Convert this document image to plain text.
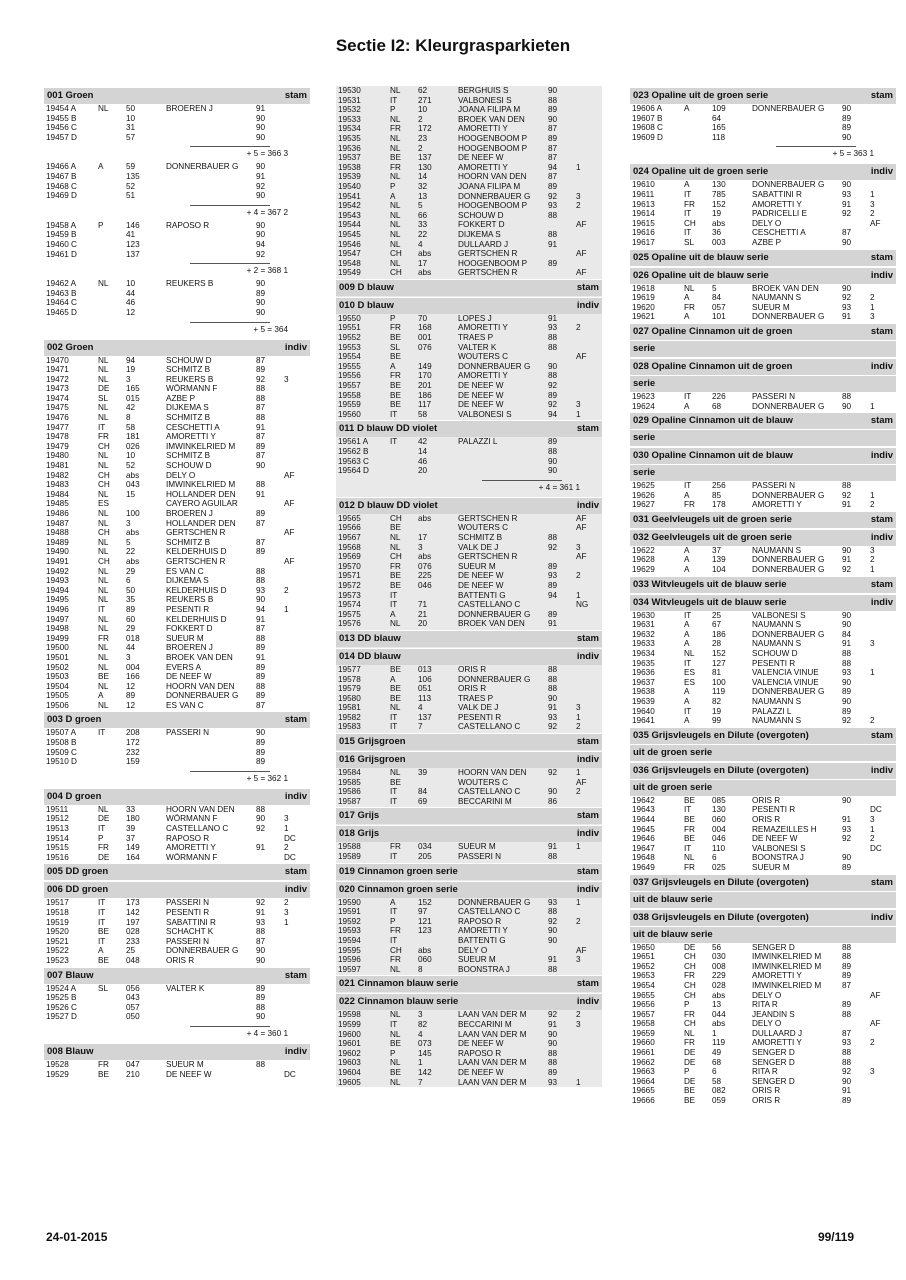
Sectie I2: Kleurgrasparkieten
001 Groen	stam
19454 A	NL	50	BROEREN J	91
19455 B	10	90
19456 C	31	90
19457 D	57	90
+ 5 = 366 3
19466 A	A	59	DONNERBAUER G	90
19467 B	135	91
19468 C	52	92
19469 D	51	90
+ 4 = 367 2
19458 A	P	146	RAPOSO R	90
19459 B	41	90
19460 C	123	94
19461 D	137	92
+ 2 = 368 1
19462 A	NL	10	REUKERS B	90
19463 B	44	89
19464 C	46	90
19465 D	12	90
+ 5 = 364
002 Groen	indiv
19470	NL	94	SCHOUW D	87
19471	NL	19	SCHMITZ B	89
19472	NL	3	REUKERS B	92	3
19473	DE	165	WÖRMANN F	88
19474	SL	015	AZBE P	88
19475	NL	42	DIJKEMA S	87
19476	NL	8	SCHMITZ B	88
19477	IT	58	CESCHETTI A	91
19478	FR	181	AMORETTI Y	87
19479	CH	026	IMWINKELRIED M	89
19480	NL	10	SCHMITZ B	87
19481	NL	52	SCHOUW D	90
19482	CH	abs	DELY O	AF
19483	CH	043	IMWINKELRIED M	88
19484	NL	15	HOLLANDER DEN	91
19485	ES	CAYERO AGUILAR	AF
19486	NL	100	BROEREN J	89
19487	NL	3	HOLLANDER DEN	87
19488	CH	abs	GERTSCHEN R	AF
19489	NL	5	SCHMITZ B	87
19490	NL	22	KELDERHUIS D	89
19491	CH	abs	GERTSCHEN R	AF
19492	NL	29	ES VAN C	88
19493	NL	6	DIJKEMA S	88
19494	NL	50	KELDERHUIS D	93	2
19495	NL	35	REUKERS B	90
19496	IT	89	PESENTI R	94	1
19497	NL	60	KELDERHUIS D	91
19498	NL	29	FOKKERT D	87
19499	FR	018	SUEUR M	88
19500	NL	44	BROEREN J	89
19501	NL	3	BROEK VAN DEN	91
19502	NL	004	EVERS A	89
19503	BE	166	DE NEEF W	89
19504	NL	12	HOORN VAN DEN	88
19505	A	89	DONNERBAUER G	89
19506	NL	12	ES VAN C	87
003 D groen	stam
19507 A	IT	208	PASSERI N	90
19508 B	172	89
19509 C	232	89
19510 D	159	89
+ 5 = 362 1
004 D groen	indiv
19511	NL	33	HOORN VAN DEN	88
19512	DE	180	WÖRMANN F	90	3
19513	IT	39	CASTELLANO C	92	1
19514	P	37	RAPOSO R	DC
19515	FR	149	AMORETTI Y	91	2
19516	DE	164	WÖRMANN F	DC
005 DD groen	stam
006 DD groen	indiv
19517	IT	173	PASSERI N	92	2
19518	IT	142	PESENTI R	91	3
19519	IT	197	SABATTINI R	93	1
19520	BE	028	SCHACHT K	88
19521	IT	233	PASSERI N	87
19522	A	25	DONNERBAUER G	90
19523	BE	048	ORIS R	90
007 Blauw	stam
19524 A	SL	056	VALTER K	89
19525 B	043	89
19526 C	057	88
19527 D	050	90
+ 4 = 360 1
008 Blauw	indiv
19528	FR	047	SUEUR M	88
19529	BE	210	DE NEEF W	DC
19530	NL	62	BERGHUIS S	90
19531	IT	271	VALBONESI S	88
19532	P	10	JOANA FILIPA M	89
19533	NL	2	BROEK VAN DEN	90
19534	FR	172	AMORETTI Y	87
19535	NL	23	HOOGENBOOM P	89
19536	NL	2	HOOGENBOOM P	87
19537	BE	137	DE NEEF W	87
19538	FR	130	AMORETTI Y	94	1
19539	NL	14	HOORN VAN DEN	87
19540	P	32	JOANA FILIPA M	89
19541	A	13	DONNERBAUER G	92	3
19542	NL	5	HOOGENBOOM P	93	2
19543	NL	66	SCHOUW D	88
19544	NL	33	FOKKERT D	AF
19545	NL	22	DIJKEMA S	88
19546	NL	4	DULLAARD J	91
19547	CH	abs	GERTSCHEN R	AF
19548	NL	17	HOOGENBOOM P	89
19549	CH	abs	GERTSCHEN R	AF
009 D blauw	stam
010 D blauw	indiv
19550	P	70	LOPES J	91
19551	FR	168	AMORETTI Y	93	2
19552	BE	001	TRAES P	88
19553	SL	076	VALTER K	88
19554	BE	WOUTERS C	AF
19555	A	149	DONNERBAUER G	90
19556	FR	170	AMORETTI Y	88
19557	BE	201	DE NEEF W	92
19558	BE	186	DE NEEF W	89
19559	BE	117	DE NEEF W	92	3
19560	IT	58	VALBONESI S	94	1
011 D blauw DD violet	stam
19561 A	IT	42	PALAZZI L	89
19562 B	14	88
19563 C	46	90
19564 D	20	90
+ 4 = 361 1
012 D blauw DD violet	indiv
19565	CH	abs	GERTSCHEN R	AF
19566	BE	WOUTERS C	AF
19567	NL	17	SCHMITZ B	88
19568	NL	3	VALK DE J	92	3
19569	CH	abs	GERTSCHEN R	AF
19570	FR	076	SUEUR M	89
19571	BE	225	DE NEEF W	93	2
19572	BE	046	DE NEEF W	89
19573	IT	BATTENTI G	94	1
19574	IT	71	CASTELLANO C	NG
19575	A	21	DONNERBAUER G	89
19576	NL	20	BROEK VAN DEN	91
013 DD blauw	stam
014 DD blauw	indiv
19577	BE	013	ORIS R	88
19578	A	106	DONNERBAUER G	88
19579	BE	051	ORIS R	88
19580	BE	113	TRAES P	90
19581	NL	4	VALK DE J	91	3
19582	IT	137	PESENTI R	93	1
19583	IT	7	CASTELLANO C	92	2
015 Grijsgroen	stam
016 Grijsgroen	indiv
19584	NL	39	HOORN VAN DEN	92	1
19585	BE	WOUTERS C	AF
19586	IT	84	CASTELLANO C	90	2
19587	IT	69	BECCARINI M	86
017 Grijs	stam
018 Grijs	indiv
19588	FR	034	SUEUR M	91	1
19589	IT	205	PASSERI N	88
019 Cinnamon groen serie	stam
020 Cinnamon groen serie	indiv
19590	A	152	DONNERBAUER G	93	1
19591	IT	97	CASTELLANO C	88
19592	P	121	RAPOSO R	92	2
19593	FR	123	AMORETTI Y	90
19594	IT	BATTENTI G	90
19595	CH	abs	DELY O	AF
19596	FR	060	SUEUR M	91	3
19597	NL	8	BOONSTRA J	88
021 Cinnamon blauw serie	stam
022 Cinnamon blauw serie	indiv
19598	NL	3	LAAN VAN DER M	92	2
19599	IT	82	BECCARINI M	91	3
19600	NL	4	LAAN VAN DER M	90
19601	BE	073	DE NEEF W	90
19602	P	145	RAPOSO R	88
19603	NL	1	LAAN VAN DER M	88
19604	BE	142	DE NEEF W	89
19605	NL	7	LAAN VAN DER M	93	1
023 Opaline uit de groen serie	stam
19606 A	A	109	DONNERBAUER G	90
19607 B	64	89
19608 C	165	89
19609 D	118	90
+ 5 = 363 1
024 Opaline uit de groen serie	indiv
19610	A	130	DONNERBAUER G	90
19611	IT	785	SABATTINI R	93	1
19613	FR	152	AMORETTI Y	91	3
19614	IT	19	PADRICELLI E	92	2
19615	CH	abs	DELY O	AF
19616	IT	36	CESCHETTI A	87
19617	SL	003	AZBE P	90
025 Opaline uit de blauw serie	stam
026 Opaline uit de blauw serie	indiv
19618	NL	5	BROEK VAN DEN	90
19619	A	84	NAUMANN S	92	2
19620	FR	057	SUEUR M	93	1
19621	A	101	DONNERBAUER G	91	3
027 Opaline Cinnamon uit de groen	stam
serie
028 Opaline Cinnamon uit de groen	indiv
serie
19623	IT	226	PASSERI N	88
19624	A	68	DONNERBAUER G	90	1
029 Opaline Cinnamon uit de blauw	stam
serie
030 Opaline Cinnamon uit de blauw	indiv
serie
19625	IT	256	PASSERI N	88
19626	A	85	DONNERBAUER G	92	1
19627	FR	178	AMORETTI Y	91	2
031 Geelvleugels uit de groen serie	stam
032 Geelvleugels uit de groen serie	indiv
19622	A	37	NAUMANN S	90	3
19628	A	139	DONNERBAUER G	91	2
19629	A	104	DONNERBAUER G	92	1
033 Witvleugels uit de blauw serie	stam
034 Witvleugels uit de blauw serie	indiv
19630	IT	25	VALBONESI S	90
19631	A	67	NAUMANN S	90
19632	A	186	DONNERBAUER G	84
19633	A	28	NAUMANN S	91	3
19634	NL	152	SCHOUW D	88
19635	IT	127	PESENTI R	88
19636	ES	81	VALENCIA VINUE	93	1
19637	ES	100	VALENCIA VINUE	90
19638	A	119	DONNERBAUER G	89
19639	A	82	NAUMANN S	90
19640	IT	19	PALAZZI L	89
19641	A	99	NAUMANN S	92	2
035 Grijsvleugels en Dilute (overgoten)	stam
uit de groen serie
036 Grijsvleugels en Dilute (overgoten)	indiv
uit de groen serie
19642	BE	085	ORIS R	90
19643	IT	130	PESENTI R	DC
19644	BE	060	ORIS R	91	3
19645	FR	004	REMAZEILLES H	93	1
19646	BE	046	DE NEEF W	92	2
19647	IT	110	VALBONESI S	DC
19648	NL	6	BOONSTRA J	90
19649	FR	025	SUEUR M	89
037 Grijsvleugels en Dilute (overgoten)	stam
uit de blauw serie
038 Grijsvleugels en Dilute (overgoten)	indiv
uit de blauw serie
19650	DE	56	SENGER D	88
19651	CH	030	IMWINKELRIED M	88
19652	CH	008	IMWINKELRIED M	89
19653	FR	229	AMORETTI Y	89
19654	CH	028	IMWINKELRIED M	87
19655	CH	abs	DELY O	AF
19656	P	13	RITA R	89
19657	FR	044	JEANDIN S	88
19658	CH	abs	DELY O	AF
19659	NL	1	DULLAARD J	87
19660	FR	119	AMORETTI Y	93	2
19661	DE	49	SENGER D	88
19662	DE	68	SENGER D	88
19663	P	6	RITA R	92	3
19664	DE	58	SENGER D	90
19665	BE	082	ORIS R	91
19666	BE	059	ORIS R	89
24-01-2015	99/119
